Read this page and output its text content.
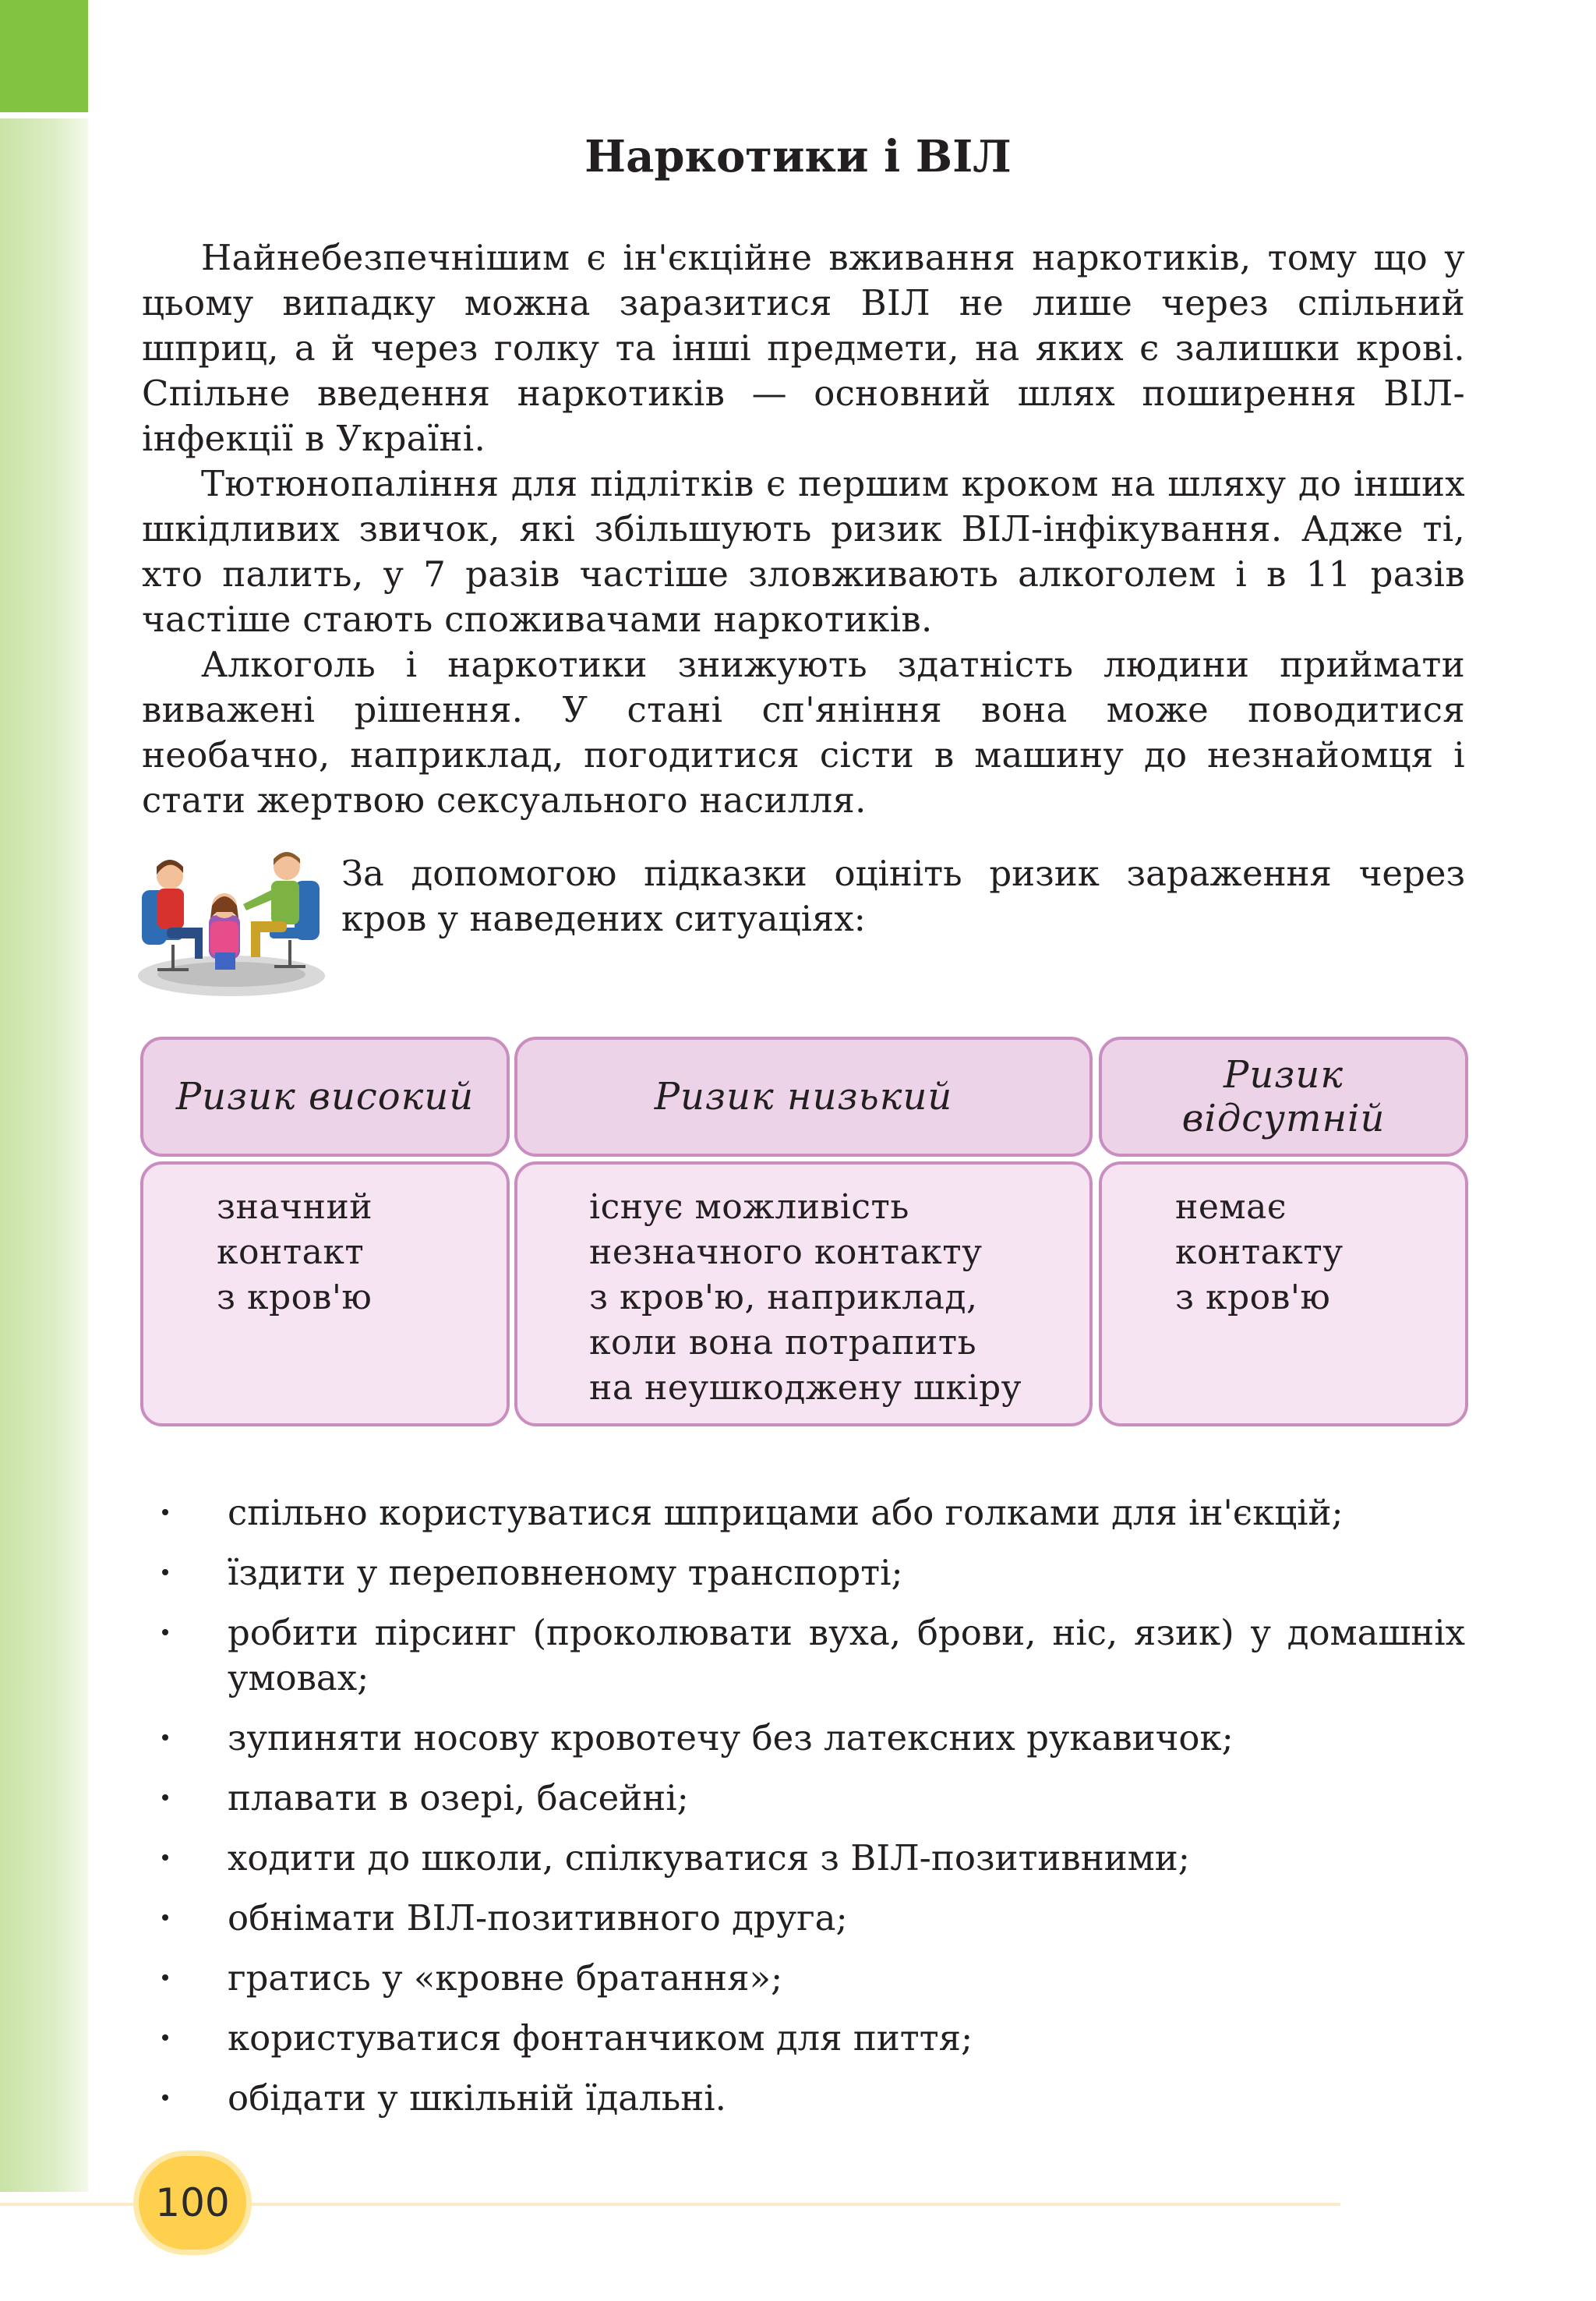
Наркотики і ВІЛ

Найнебезпечнішим є ін'єкційне вживання наркотиків, тому що у цьому випадку можна заразитися ВІЛ не лише через спільний шприц, а й через голку та інші предмети, на яких є залишки крові. Спільне введення наркотиків — основний шлях поширення ВІЛ-інфекції в Україні.

Тютюнопаління для підлітків є першим кроком на шляху до інших шкідливих звичок, які збільшують ризик ВІЛ-інфікування. Адже ті, хто палить, у 7 разів частіше зловживають алкоголем і в 11 разів частіше стають споживачами наркотиків.

Алкоголь і наркотики знижують здатність людини приймати виважені рішення. У стані сп'яніння вона може поводитися необачно, наприклад, погодитися сісти в машину до незнайомця і стати жертвою сексуального насилля.

За допомогою підказки оцініть ризик зараження через кров у наведених ситуаціях:

Ризик високий	Ризик низький	Ризик
відсутній
значний
контакт
з кров'ю
існує можливість
незначного контакту
з кров'ю, наприклад,
коли вона потрапить
на неушкоджену шкіру
немає
контакту
з кров'ю
спільно користуватися шприцами або голками для ін'єкцій;
їздити у переповненому транспорті;
робити пірсинг (проколювати вуха, брови, ніс, язик) у домашніх умовах;
зупиняти носову кровотечу без латексних рукавичок;
плавати в озері, басейні;
ходити до школи, спілкуватися з ВІЛ-позитивними;
обнімати ВІЛ-позитивного друга;
гратись у «кровне братання»;
користуватися фонтанчиком для пиття;
обідати у шкільній їдальні.
100
